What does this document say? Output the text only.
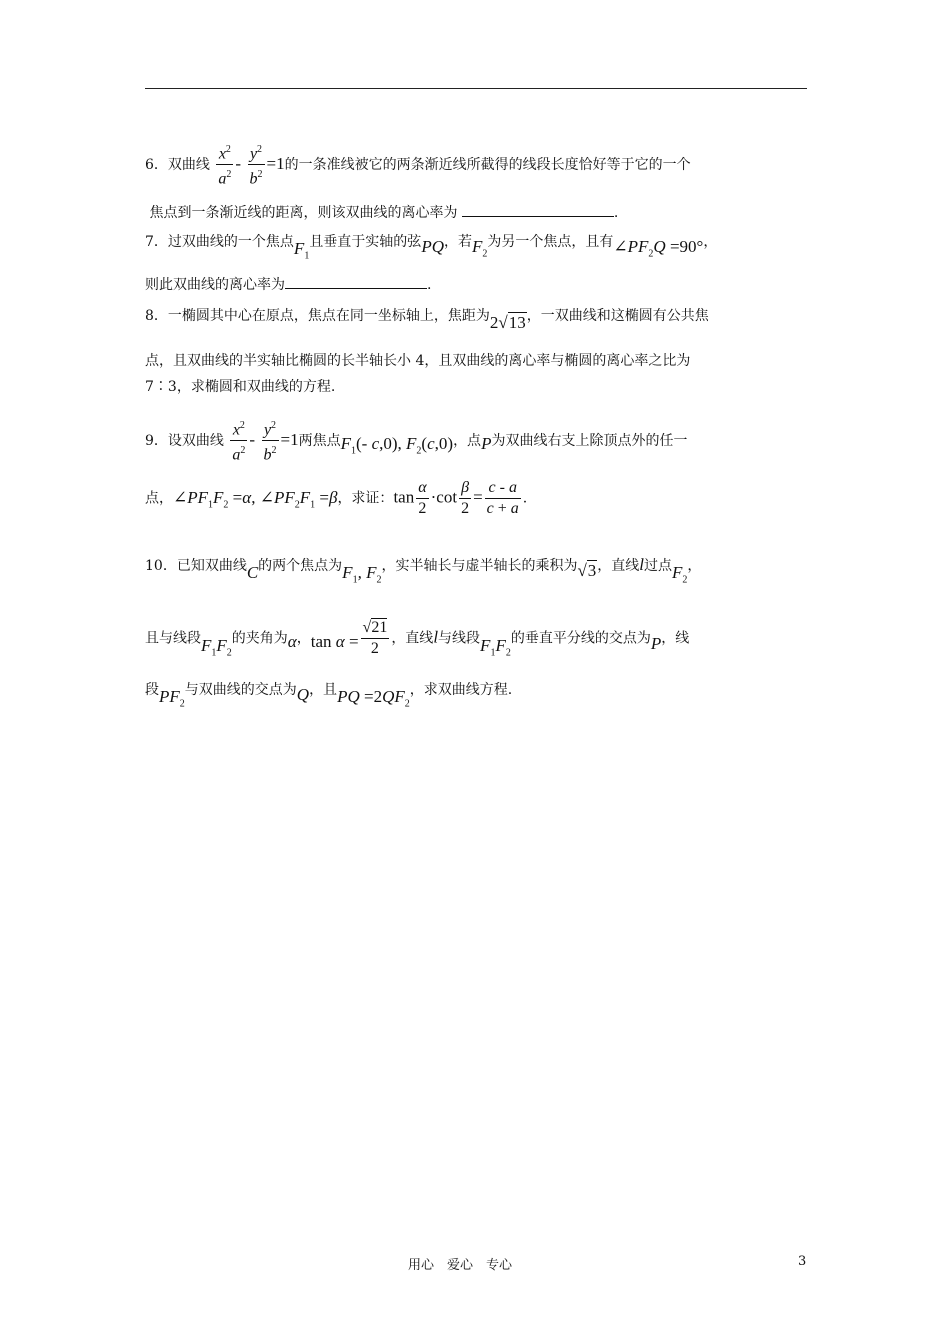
6．双曲线 $\frac{x^2}{a^2} - \frac{y^2}{b^2} =1$的一条准线被它的两条渐近线所截得的线段长度恰好等于它的一个
焦点到一条渐近线的距离，则该双曲线的离心率为	.
7．过双曲线的一个焦点$F_1$且垂直于实轴的弦PQ，若$F_2$为另一个焦点，且有$\angle PF_2Q =90^\circ$，
则此双曲线的离心率为	.
8．一椭圆其中心在原点，焦点在同一坐标轴上，焦距为2√13，一双曲线和这椭圆有公共焦
点，且双曲线的半实轴比椭圆的长半轴长小 4，且双曲线的离心率与椭圆的离心率之比为
7∶3，求椭圆和双曲线的方程.
9．设双曲线 $\frac{x^2}{a^2} - \frac{y^2}{b^2} =1$两焦点$F_1(-$ c,0), $F_2(c,0)$，点P为双曲线右支上除顶点外的任一
点，$\angle PF_1F_2 =\alpha$, $\angle PF_2F_1 =\beta$，求证：$\tan \frac{\alpha}{2} \cdot\cot \frac{\beta}{2} = \frac{c - a}{c + a}$ .
10．已知双曲线C的两个焦点为$F_1$, $F_2$，实半轴长与虚半轴长的乘积为√3，直线l过点$F_2$，
且与线段$F_1F_2$的夹角为α，$\tan \alpha = \frac{√21}{2}$ ，直线l与线段$F_1F_2$的垂直平分线的交点为P，线
段$PF_2$与双曲线的交点为Q，且PQ $=2QF_2$，求双曲线方程.
用心　爱心　专心	3
